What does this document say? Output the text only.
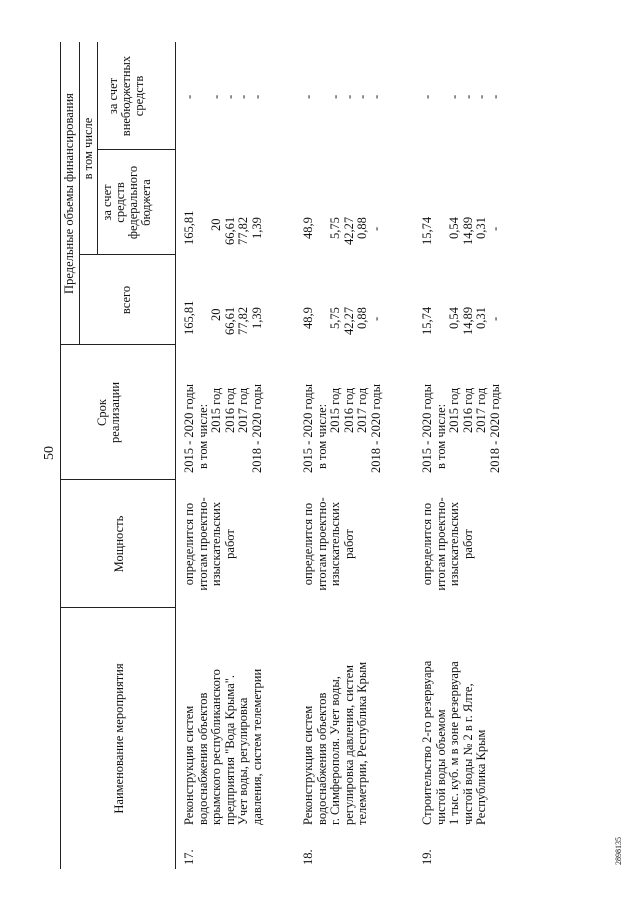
50
2898135
Наименование мероприятия
Мощность
Срок реализации
Предельные объемы финансирования
всего
в том числе
за счет средств федерального бюджета
за счет внебюджетных средств
17.
Реконструкция систем водоснабжения объектов крымского республиканского предприятия "Вода Крыма". Учет воды, регулировка давления, систем телеметрии
определится по итогам проектно- изыскательских работ
2015 - 2020 годы в том числе: 2015 год 2016 год 2017 год 2018 - 2020 годы
165,81
20 66,61 77,82 1,39
165,81
20 66,61 77,82 1,39
-
- - - -
18.
Реконструкция систем водоснабжения объектов г. Симферополя. Учет воды, регулировка давления, систем телеметрии, Республика Крым
определится по итогам проектно- изыскательских работ
2015 - 2020 годы в том числе: 2015 год 2016 год 2017 год 2018 - 2020 годы
48,9
5,75 42,27 0,88 -
48,9
5,75 42,27 0,88 -
-
- - - -
19.
Строительство 2-го резервуара чистой воды объемом 1 тыс. куб. м в зоне резервуара чистой воды № 2 в г. Ялте, Республика Крым
определится по итогам проектно- изыскательских работ
2015 - 2020 годы в том числе: 2015 год 2016 год 2017 год 2018 - 2020 годы
15,74
0,54 14,89 0,31 -
15,74
0,54 14,89 0,31 -
-
- - - -
